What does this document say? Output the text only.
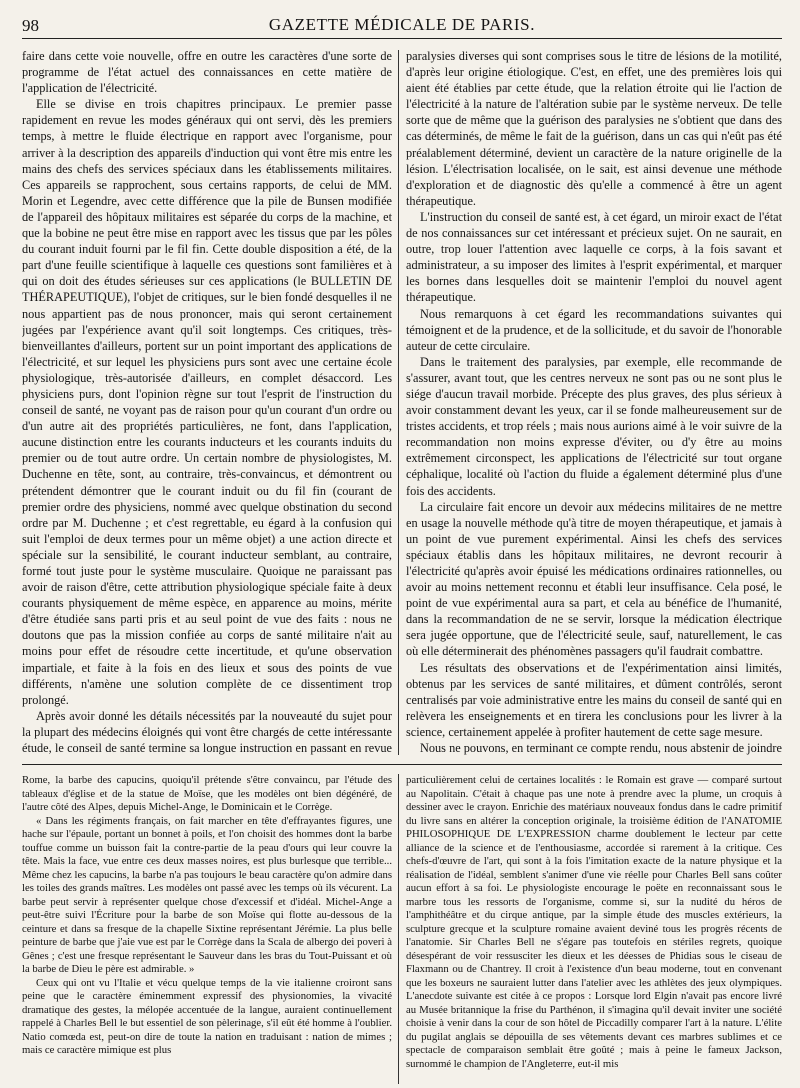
98	GAZETTE MÉDICALE DE PARIS.

faire dans cette voie nouvelle, offre en outre les caractères d'une sorte de programme de l'état actuel des connaissances en cette matière de l'application de l'électricité.

Elle se divise en trois chapitres principaux. Le premier passe rapidement en revue les modes généraux qui ont servi, dès les premiers temps, à mettre le fluide électrique en rapport avec l'organisme, pour arriver à la description des appareils d'induction qui vont être mis entre les mains des chefs des services spéciaux dans les établissements militaires. Ces appareils se rapprochent, sous certains rapports, de celui de MM. Morin et Legendre, avec cette différence que la pile de Bunsen modifiée de l'appareil des hôpitaux militaires est séparée du corps de la machine, et que la bobine ne peut être mise en rapport avec les tissus que par les pôles du courant induit fourni par le fil fin. Cette double disposition a été, de la part d'une feuille scientifique à laquelle ces questions sont familières et à qui on doit des études sérieuses sur ces applications (le BULLETIN DE THÉRAPEUTIQUE), l'objet de critiques, sur le bien fondé desquelles il ne nous appartient pas de nous prononcer, mais qui seront certainement jugées par l'expérience avant qu'il soit longtemps. Ces critiques, très-bienveillantes d'ailleurs, portent sur un point important des applications de l'électricité, et sur lequel les physiciens purs sont avec une certaine école physiologique, très-autorisée d'ailleurs, en complet désaccord. Les physiciens purs, dont l'opinion règne sur tout l'esprit de l'instruction du conseil de santé, ne voyant pas de raison pour qu'un courant d'un ordre ou d'un autre ait des propriétés particulières, ne font, dans l'application, aucune distinction entre les courants inducteurs et les courants induits du premier ou de tout autre ordre. Un certain nombre de physiologistes, M. Duchenne en tête, sont, au contraire, très-convaincus, et démontrent ou prétendent démontrer que le courant induit ou du fil fin (courant de premier ordre des physiciens, nommé avec quelque obstination du second ordre par M. Duchenne ; et c'est regrettable, eu égard à la confusion qui suit l'emploi de deux termes pour un même objet) a une action directe et spéciale sur la sensibilité, le courant inducteur semblant, au contraire, formé tout juste pour le système musculaire. Quoique ne paraissant pas avoir de raison d'être, cette attribution physiologique spéciale faite à deux courants physiquement de même espèce, en apparence au moins, mérite d'être étudiée sans parti pris et au seul point de vue des faits : nous ne doutons que pas la mission confiée au corps de santé militaire n'ait au moins pour effet de résoudre cette incertitude, et qu'une observation impartiale, et faite à la fois en des lieux et sous des points de vue différents, n'amène une solution complète de ce dissentiment trop prolongé.

Après avoir donné les détails nécessités par la nouveauté du sujet pour la plupart des médecins éloignés qui vont être chargés de cette intéressante étude, le conseil de santé termine sa longue instruction en passant en revue

paralysies diverses qui sont comprises sous le titre de lésions de la motilité, d'après leur origine étiologique. C'est, en effet, une des premières lois qui aient été établies par cette étude, que la relation étroite qui lie l'action de l'électricité à la nature de l'altération subie par le système nerveux. De telle sorte que de même que la guérison des paralysies ne s'obtient que dans des cas déterminés, de même le fait de la guérison, dans un cas qui n'eût pas été préalablement déterminé, devient un caractère de la nature originelle de la lésion. L'électrisation localisée, on le sait, est ainsi devenue une méthode d'exploration et de diagnostic dès qu'elle a commencé à être un agent thérapeutique.

L'instruction du conseil de santé est, à cet égard, un miroir exact de l'état de nos connaissances sur cet intéressant et précieux sujet. On ne saurait, en outre, trop louer l'attention avec laquelle ce corps, à la fois savant et administrateur, a su imposer des limites à l'esprit expérimental, et marquer les bornes dans lesquelles doit se maintenir l'emploi du nouvel agent thérapeutique.

Nous remarquons à cet égard les recommandations suivantes qui témoignent et de la prudence, et de la sollicitude, et du savoir de l'honorable auteur de cette circulaire.

Dans le traitement des paralysies, par exemple, elle recommande de s'assurer, avant tout, que les centres nerveux ne sont pas ou ne sont plus le siége d'aucun travail morbide. Précepte des plus graves, des plus sérieux à avoir constamment devant les yeux, car il se fonde malheureusement sur de tristes accidents, et trop réels ; mais nous aurions aimé à le voir suivre de la recommandation non moins expresse d'éviter, ou d'y être au moins extrêmement circonspect, les applications de l'électricité sur tout organe céphalique, localité où l'action du fluide a également déterminé plus d'une fois des accidents.

La circulaire fait encore un devoir aux médecins militaires de ne mettre en usage la nouvelle méthode qu'à titre de moyen thérapeutique, et jamais à un point de vue purement expérimental. Ainsi les chefs des services spéciaux établis dans les hôpitaux militaires, ne devront recourir à l'électricité qu'après avoir épuisé les médications ordinaires rationnelles, ou avoir au moins nettement reconnu et établi leur insuffisance. Cela posé, le point de vue expérimental aura sa part, et cela au bénéfice de l'humanité, dans la recommandation de ne se servir, lorsque la médication électrique sera jugée opportune, que de l'électricité seule, sauf, naturellement, le cas où elle déterminerait des phénomènes passagers qu'il faudrait combattre.

Les résultats des observations et de l'expérimentation ainsi limités, obtenus par les services de santé militaires, et dûment contrôlés, seront centralisés par voie administrative entre les mains du conseil de santé qui en relèvera les enseignements et en tirera les conclusions pour les livrer à la science, certainement appelée à profiter hautement de cette sage mesure.

Nous ne pouvons, en terminant ce compte rendu, nous abstenir de joindre

Rome, la barbe des capucins, quoiqu'il prétende s'être convaincu, par l'étude des tableaux d'église et de la statue de Moïse, que les modèles ont bien dégénéré, de l'autre côté des Alpes, depuis Michel-Ange, le Dominicain et le Corrège.

« Dans les régiments français, on fait marcher en tête d'effrayantes figures, une hache sur l'épaule, portant un bonnet à poils, et l'on choisit des hommes dont la barbe touffue comme un buisson fait la contre-partie de la peau d'ours qui leur couvre la tête. Mais la face, vue entre ces deux masses noires, est plus burlesque que terrible... Même chez les capucins, la barbe n'a pas toujours le beau caractère qu'on admire dans les toiles des grands maîtres. Les modèles ont passé avec les temps où ils vécurent. La barbe peut servir à représenter quelque chose d'excessif et d'idéal. Michel-Ange a peut-être suivi l'Écriture pour la barbe de son Moïse qui flotte au-dessous de la ceinture et dans sa fresque de la chapelle Sixtine représentant Jérémie. La plus belle peinture de barbe que j'aie vue est par le Corrège dans la Scala de albergo dei poveri à Gênes ; c'est une fresque représentant le Sauveur dans les bras du Tout-Puissant et où la barbe de Dieu le père est admirable. »

Ceux qui ont vu l'Italie et vécu quelque temps de la vie italienne croiront sans peine que le caractère éminemment expressif des physionomies, la vivacité dramatique des gestes, la mélopée accentuée de la langue, auraient continuellement rappelé à Charles Bell le but essentiel de son pèlerinage, s'il eût été homme à l'oublier. Natio comœda est, peut-on dire de toute la nation en traduisant : nation de mimes ; mais ce caractère mimique est plus

particulièrement celui de certaines localités : le Romain est grave — comparé surtout au Napolitain. C'était à chaque pas une note à prendre avec la plume, un croquis à dessiner avec le crayon. Enrichie des matériaux nouveaux fondus dans le cadre primitif du livre sans en altérer la conception originale, la troisième édition de l'ANATOMIE PHILOSOPHIQUE DE L'EXPRESSION charme doublement le lecteur par cette alliance de la science et de l'enthousiasme, accordée si rarement à la critique. Ces chefs-d'œuvre de l'art, qui sont à la fois l'imitation exacte de la nature physique et la réalisation de l'idéal, semblent s'animer d'une vie réelle pour Charles Bell sans coûter aucun effort à sa foi. Le physiologiste encourage le poëte en reconnaissant sous le marbre tous les ressorts de l'organisme, comme si, sur la nudité du héros de l'amphithéâtre et du cirque antique, par la simple étude des muscles extérieurs, la sculpture grecque et la sculpture romaine avaient deviné tous les progrès récents de l'anatomie. Sir Charles Bell ne s'égare pas toutefois en stériles regrets, quoique désespérant de voir ressusciter les dieux et les déesses de Phidias sous le ciseau de Flaxmann ou de Chantrey. Il croit à l'existence d'un beau moderne, tout en convenant que les boxeurs ne sauraient lutter dans l'atelier avec les athlètes des jeux olympiques. L'anecdote suivante est citée à ce propos : Lorsque lord Elgin n'avait pas encore livré au Musée britannique la frise du Parthénon, il s'imagina qu'il devait inviter une société choisie à venir dans la cour de son hôtel de Piccadilly comparer l'art à la nature. L'élite du pugilat anglais se dépouilla de ses vêtements devant ces marbres sublimes et ce spectacle de comparaison semblait être goûté ; mais à peine le fameux Jackson, surnommé le champion de l'Angleterre, eut-il mis
